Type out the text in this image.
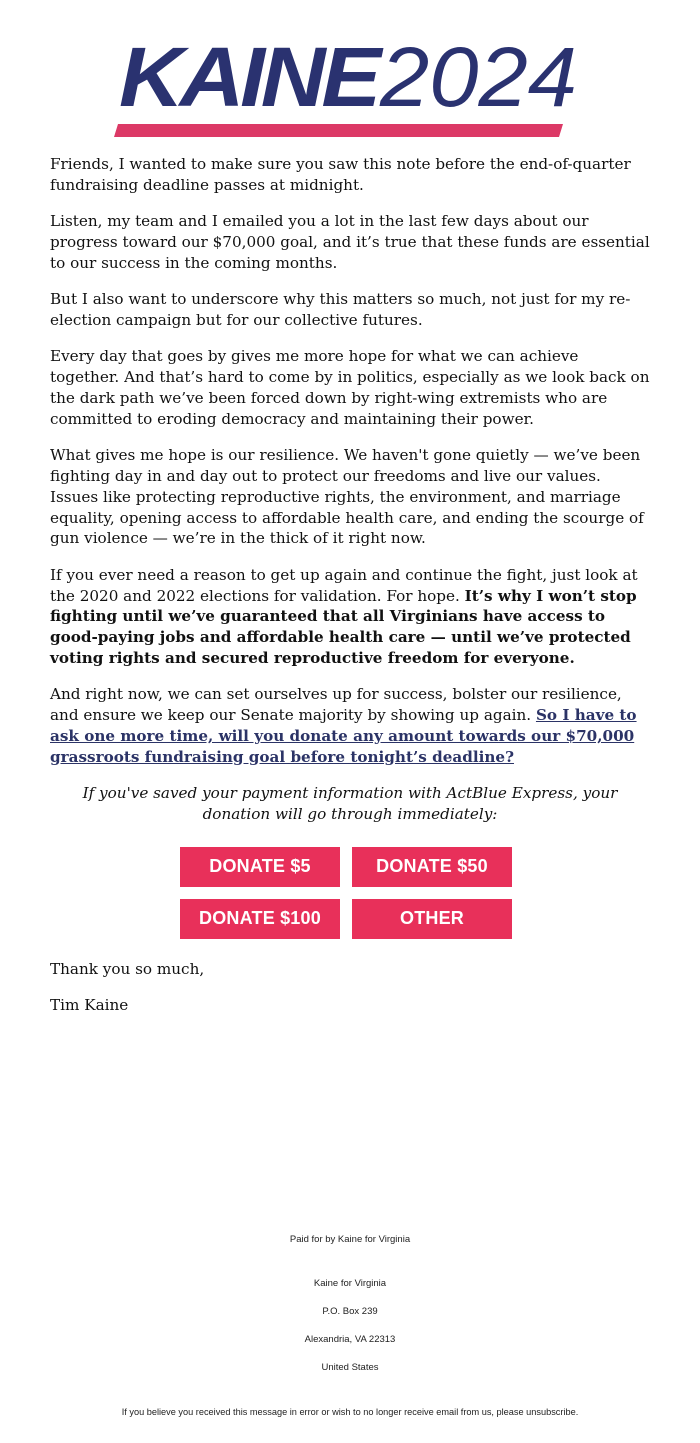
KAINE
2024

Friends, I wanted to make sure you saw this note before the end-of-quarter fundraising deadline passes at midnight.

Listen, my team and I emailed you a lot in the last few days about our progress toward our $70,000 goal, and it’s true that these funds are essential to our success in the coming months.

But I also want to underscore why this matters so much, not just for my re-election campaign but for our collective futures.

Every day that goes by gives me more hope for what we can achieve together. And that’s hard to come by in politics, especially as we look back on the dark path we’ve been forced down by right-wing extremists who are committed to eroding democracy and maintaining their power.

What gives me hope is our resilience. We haven't gone quietly — we’ve been fighting day in and day out to protect our freedoms and live our values. Issues like protecting reproductive rights, the environment, and marriage equality, opening access to affordable health care, and ending the scourge of gun violence — we’re in the thick of it right now.

If you ever need a reason to get up again and continue the fight, just look at the 2020 and 2022 elections for validation. For hope. It’s why I won’t stop fighting until we’ve guaranteed that all Virginians have access to good-paying jobs and affordable health care — until we’ve protected voting rights and secured reproductive freedom for everyone.

And right now, we can set ourselves up for success, bolster our resilience, and ensure we keep our Senate majority by showing up again. So I have to ask one more time, will you donate any amount towards our $70,000 grassroots fundraising goal before tonight’s deadline?

If you've saved your payment information with ActBlue Express, your donation will go through immediately:

DONATE $5	DONATE $50
DONATE $100	OTHER

Thank you so much,

Tim Kaine

Paid for by Kaine for Virginia
Kaine for Virginia
P.O. Box 239
Alexandria, VA 22313
United States
If you believe you received this message in error or wish to no longer receive email from us, please unsubscribe.
